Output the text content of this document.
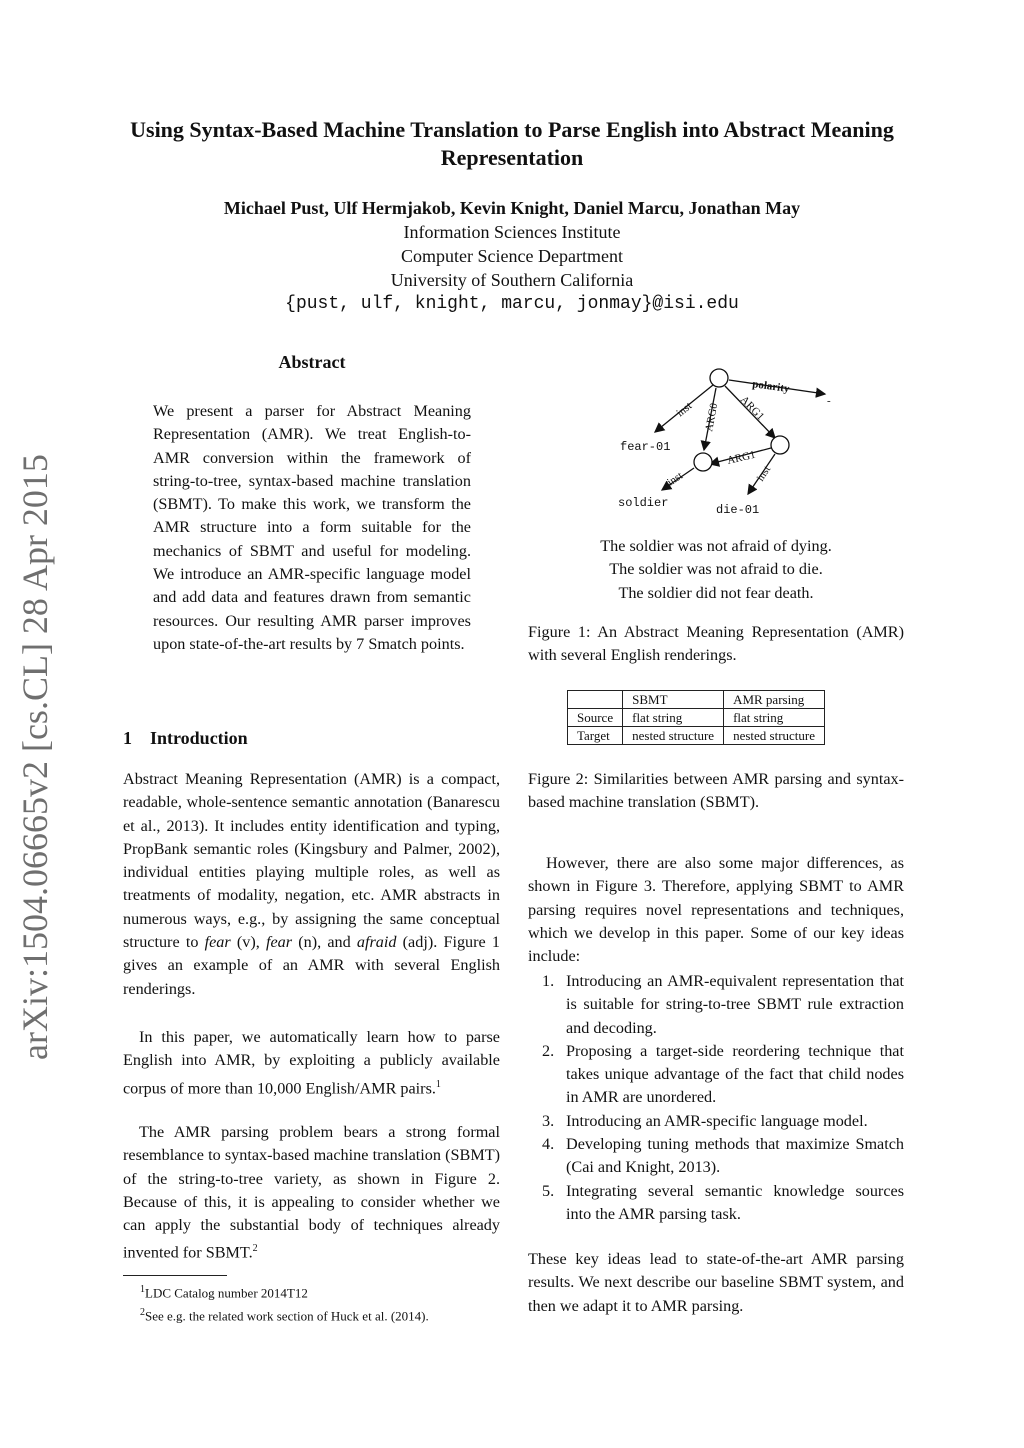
Using Syntax-Based Machine Translation to Parse English into Abstract Meaning Representation
Michael Pust, Ulf Hermjakob, Kevin Knight, Daniel Marcu, Jonathan May
Information Sciences Institute
Computer Science Department
University of Southern California
{pust, ulf, knight, marcu, jonmay}@isi.edu
arXiv:1504.06665v2 [cs.CL] 28 Apr 2015
Abstract
We present a parser for Abstract Meaning Representation (AMR). We treat English-to-AMR conversion within the framework of string-to-tree, syntax-based machine translation (SBMT). To make this work, we transform the AMR structure into a form suitable for the mechanics of SBMT and useful for modeling. We introduce an AMR-specific language model and add data and features drawn from semantic resources. Our resulting AMR parser improves upon state-of-the-art results by 7 Smatch points.
1    Introduction
Abstract Meaning Representation (AMR) is a compact, readable, whole-sentence semantic annotation (Banarescu et al., 2013). It includes entity identification and typing, PropBank semantic roles (Kingsbury and Palmer, 2002), individual entities playing multiple roles, as well as treatments of modality, negation, etc. AMR abstracts in numerous ways, e.g., by assigning the same conceptual structure to fear (v), fear (n), and afraid (adj). Figure 1 gives an example of an AMR with several English renderings.
In this paper, we automatically learn how to parse English into AMR, by exploiting a publicly available corpus of more than 10,000 English/AMR pairs.$^1$
The AMR parsing problem bears a strong formal resemblance to syntax-based machine translation (SBMT) of the string-to-tree variety, as shown in Figure 2. Because of this, it is appealing to consider whether we can apply the substantial body of techniques already invented for SBMT.$^2$
$^1$LDC Catalog number 2014T12
$^2$See e.g. the related work section of Huck et al. (2014).
inst ARG0 ARG1
polarity
-
ARG1
inst	inst
fear-01
soldier	die-01
The soldier was not afraid of dying.
The soldier was not afraid to die.
The soldier did not fear death.
Figure 1: An Abstract Meaning Representation (AMR) with several English renderings.
	SBMT	AMR parsing
Source	flat string	flat string
Target	nested structure	nested structure
Figure 2: Similarities between AMR parsing and syntax-based machine translation (SBMT).
However, there are also some major differences, as shown in Figure 3. Therefore, applying SBMT to AMR parsing requires novel representations and techniques, which we develop in this paper. Some of our key ideas include:
1. Introducing an AMR-equivalent representation that is suitable for string-to-tree SBMT rule extraction and decoding.
2. Proposing a target-side reordering technique that takes unique advantage of the fact that child nodes in AMR are unordered.
3. Introducing an AMR-specific language model.
4. Developing tuning methods that maximize Smatch (Cai and Knight, 2013).
5. Integrating several semantic knowledge sources into the AMR parsing task.
These key ideas lead to state-of-the-art AMR parsing results. We next describe our baseline SBMT system, and then we adapt it to AMR parsing.
